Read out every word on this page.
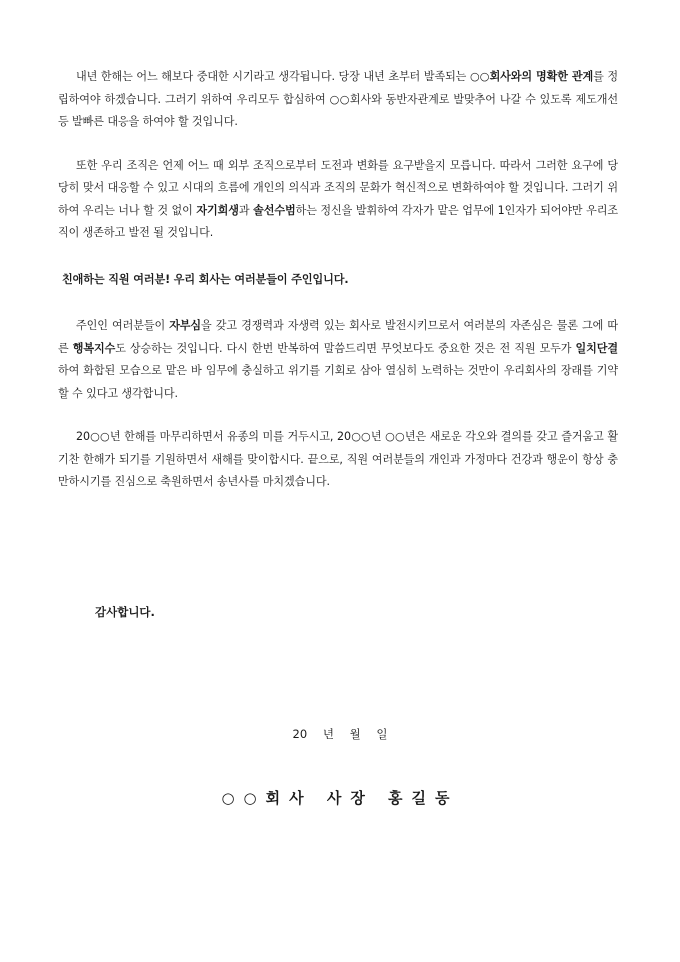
내년 한해는 어느 해보다 중대한 시기라고 생각됩니다. 당장 내년 초부터 발족되는 ○○회사와의 명확한 관계를 정립하여야 하겠습니다. 그러기 위하여 우리모두 합심하여 ○○회사와 동반자관계로 발맞추어 나갈 수 있도록 제도개선 등 발빠른 대응을 하여야 할 것입니다.

또한 우리 조직은 언제 어느 때 외부 조직으로부터 도전과 변화를 요구받을지 모릅니다. 따라서 그러한 요구에 당당히 맞서 대응할 수 있고 시대의 흐름에 개인의 의식과 조직의 문화가 혁신적으로 변화하여야 할 것입니다. 그러기 위하여 우리는 너나 할 것 없이 자기희생과 솔선수범하는 정신을 발휘하여 각자가 맡은 업무에 1인자가 되어야만 우리조직이 생존하고 발전 될 것입니다.

친애하는 직원 여러분! 우리 회사는 여러분들이 주인입니다.

주인인 여러분들이 자부심을 갖고 경쟁력과 자생력 있는 회사로 발전시키므로서 여러분의 자존심은 물론 그에 따른 행복지수도 상승하는 것입니다. 다시 한번 반복하여 말씀드리면 무엇보다도 중요한 것은 전 직원 모두가 일치단결하여 화합된 모습으로 맡은 바 임무에 충실하고 위기를 기회로 삼아 열심히 노력하는 것만이 우리회사의 장래를 기약할 수 있다고 생각합니다.

20○○년 한해를 마무리하면서 유종의 미를 거두시고, 20○○년 ○○년은 새로운 각오와 결의를 갖고 즐거움고 활기찬 한해가 되기를 기원하면서 새해를 맞이합시다. 끝으로, 직원 여러분들의 개인과 가정마다 건강과 행운이 항상 충만하시기를 진심으로 축원하면서 송년사를 마치겠습니다.

감사합니다.

20 년 월 일

○○회사 사장 홍길동
